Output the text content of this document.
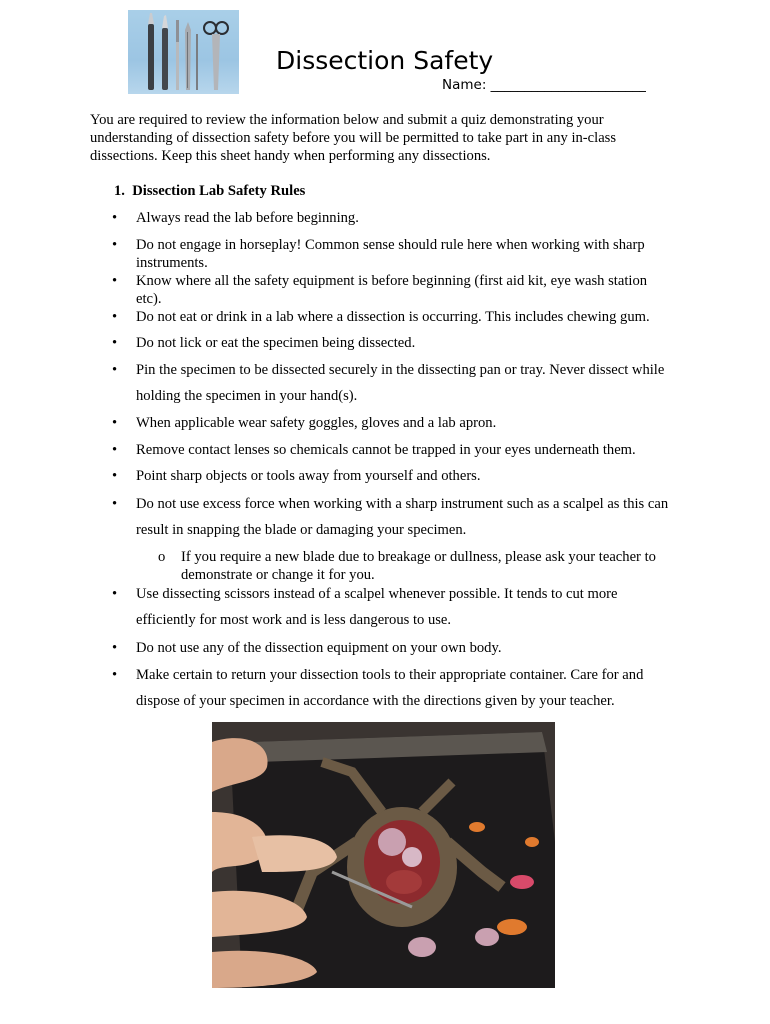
Dissection Safety
Name: _______________________
You are required to review the information below and submit a quiz demonstrating your understanding of dissection safety before you will be permitted to take part in any in-class dissections. Keep this sheet handy when performing any dissections.
1. Dissection Lab Safety Rules
•	Always read the lab before beginning.
•	Do not engage in horseplay! Common sense should rule here when working with sharp instruments.
•	Know where all the safety equipment is before beginning (first aid kit, eye wash station etc).
•	Do not eat or drink in a lab where a dissection is occurring. This includes chewing gum.
•	Do not lick or eat the specimen being dissected.
•	Pin the specimen to be dissected securely in the dissecting pan or tray. Never dissect while holding the specimen in your hand(s).
•	When applicable wear safety goggles, gloves and a lab apron.
•	Remove contact lenses so chemicals cannot be trapped in your eyes underneath them.
•	Point sharp objects or tools away from yourself and others.
•	Do not use excess force when working with a sharp instrument such as a scalpel as this can result in snapping the blade or damaging your specimen.
o If you require a new blade due to breakage or dullness, please ask your teacher to demonstrate or change it for you.
•	Use dissecting scissors instead of a scalpel whenever possible. It tends to cut more efficiently for most work and is less dangerous to use.
•	Do not use any of the dissection equipment on your own body.
•	Make certain to return your dissection tools to their appropriate container. Care for and dispose of your specimen in accordance with the directions given by your teacher.
